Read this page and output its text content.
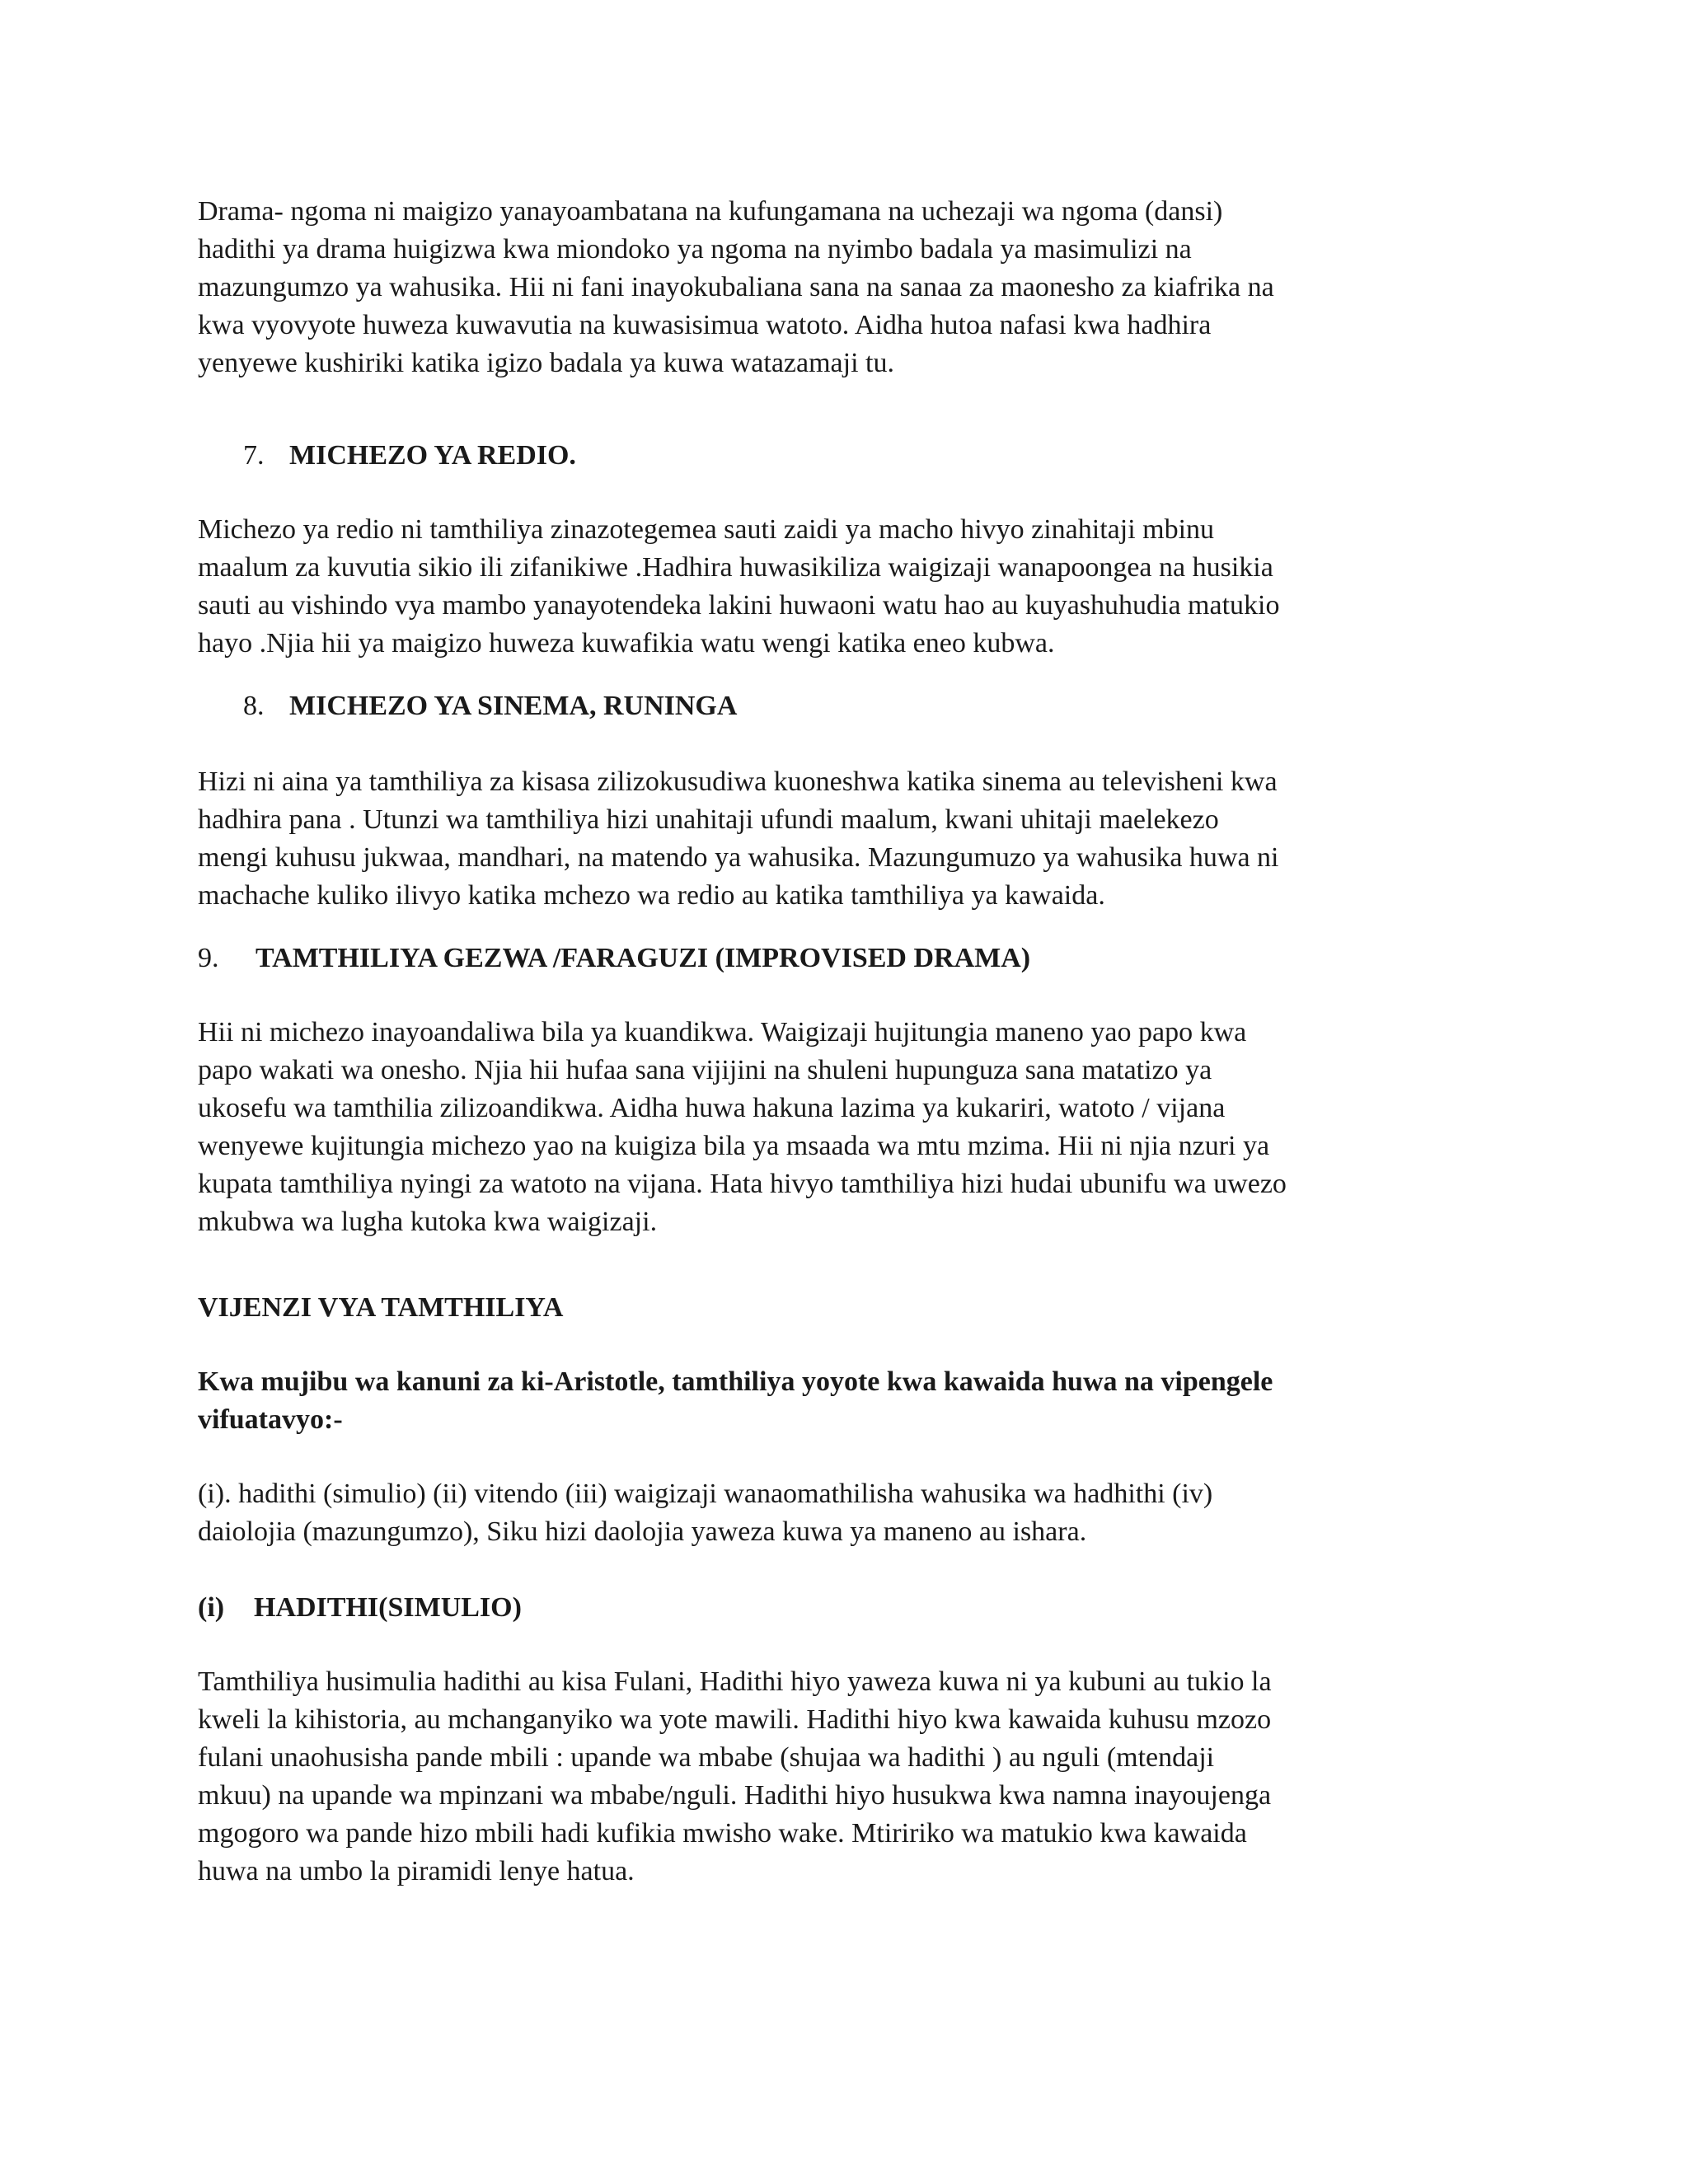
Drama- ngoma ni maigizo yanayoambatana na kufungamana na uchezaji wa ngoma (dansi)
hadithi ya drama huigizwa kwa miondoko ya ngoma na nyimbo badala ya masimulizi na
mazungumzo ya wahusika. Hii ni fani inayokubaliana sana na sanaa za maonesho za kiafrika na
kwa vyovyote huweza kuwavutia na kuwasisimua watoto. Aidha hutoa nafasi kwa hadhira
yenyewe kushiriki katika igizo badala ya kuwa watazamaji tu.
7. MICHEZO YA REDIO.
Michezo ya redio ni tamthiliya zinazotegemea sauti zaidi ya macho hivyo zinahitaji mbinu
maalum za kuvutia sikio ili zifanikiwe .Hadhira huwasikiliza waigizaji wanapoongea na husikia
sauti au vishindo vya mambo yanayotendeka lakini huwaoni watu hao au kuyashuhudia matukio
hayo .Njia hii ya maigizo huweza kuwafikia watu wengi katika eneo kubwa.
8. MICHEZO YA SINEMA, RUNINGA
Hizi ni aina ya tamthiliya za kisasa zilizokusudiwa kuoneshwa katika sinema au televisheni kwa
hadhira pana . Utunzi wa tamthiliya hizi unahitaji ufundi maalum, kwani uhitaji maelekezo
mengi kuhusu jukwaa, mandhari, na matendo ya wahusika. Mazungumuzo ya wahusika huwa ni
machache kuliko ilivyo katika mchezo wa redio au katika tamthiliya ya kawaida.
9. TAMTHILIYA GEZWA /FARAGUZI (IMPROVISED DRAMA)
Hii ni michezo inayoandaliwa bila ya kuandikwa. Waigizaji hujitungia maneno yao papo kwa
papo wakati wa onesho. Njia hii hufaa sana vijijini na shuleni hupunguza sana matatizo ya
ukosefu wa tamthilia zilizoandikwa. Aidha huwa hakuna lazima ya kukariri, watoto / vijana
wenyewe kujitungia michezo yao na kuigiza bila ya msaada wa mtu mzima. Hii ni njia nzuri ya
kupata tamthiliya nyingi za watoto na vijana. Hata hivyo tamthiliya hizi hudai ubunifu wa uwezo
mkubwa wa lugha kutoka kwa waigizaji.
VIJENZI VYA TAMTHILIYA
Kwa mujibu wa kanuni za ki-Aristotle, tamthiliya yoyote kwa kawaida huwa na vipengele
vifuatavyo:-
(i). hadithi (simulio) (ii) vitendo (iii) waigizaji wanaomathilisha wahusika wa hadhithi (iv)
daiolojia (mazungumzo), Siku hizi daolojia yaweza kuwa ya maneno au ishara.
(i) HADITHI(SIMULIO)
Tamthiliya husimulia hadithi au kisa Fulani, Hadithi hiyo yaweza kuwa ni ya kubuni au tukio la
kweli la kihistoria, au mchanganyiko wa yote mawili. Hadithi hiyo kwa kawaida kuhusu mzozo
fulani unaohusisha pande mbili : upande wa mbabe (shujaa wa hadithi ) au nguli (mtendaji
mkuu) na upande wa mpinzani wa mbabe/nguli. Hadithi hiyo husukwa kwa namna inayoujenga
mgogoro wa pande hizo mbili hadi kufikia mwisho wake. Mtiririko wa matukio kwa kawaida
huwa na umbo la piramidi lenye hatua.
